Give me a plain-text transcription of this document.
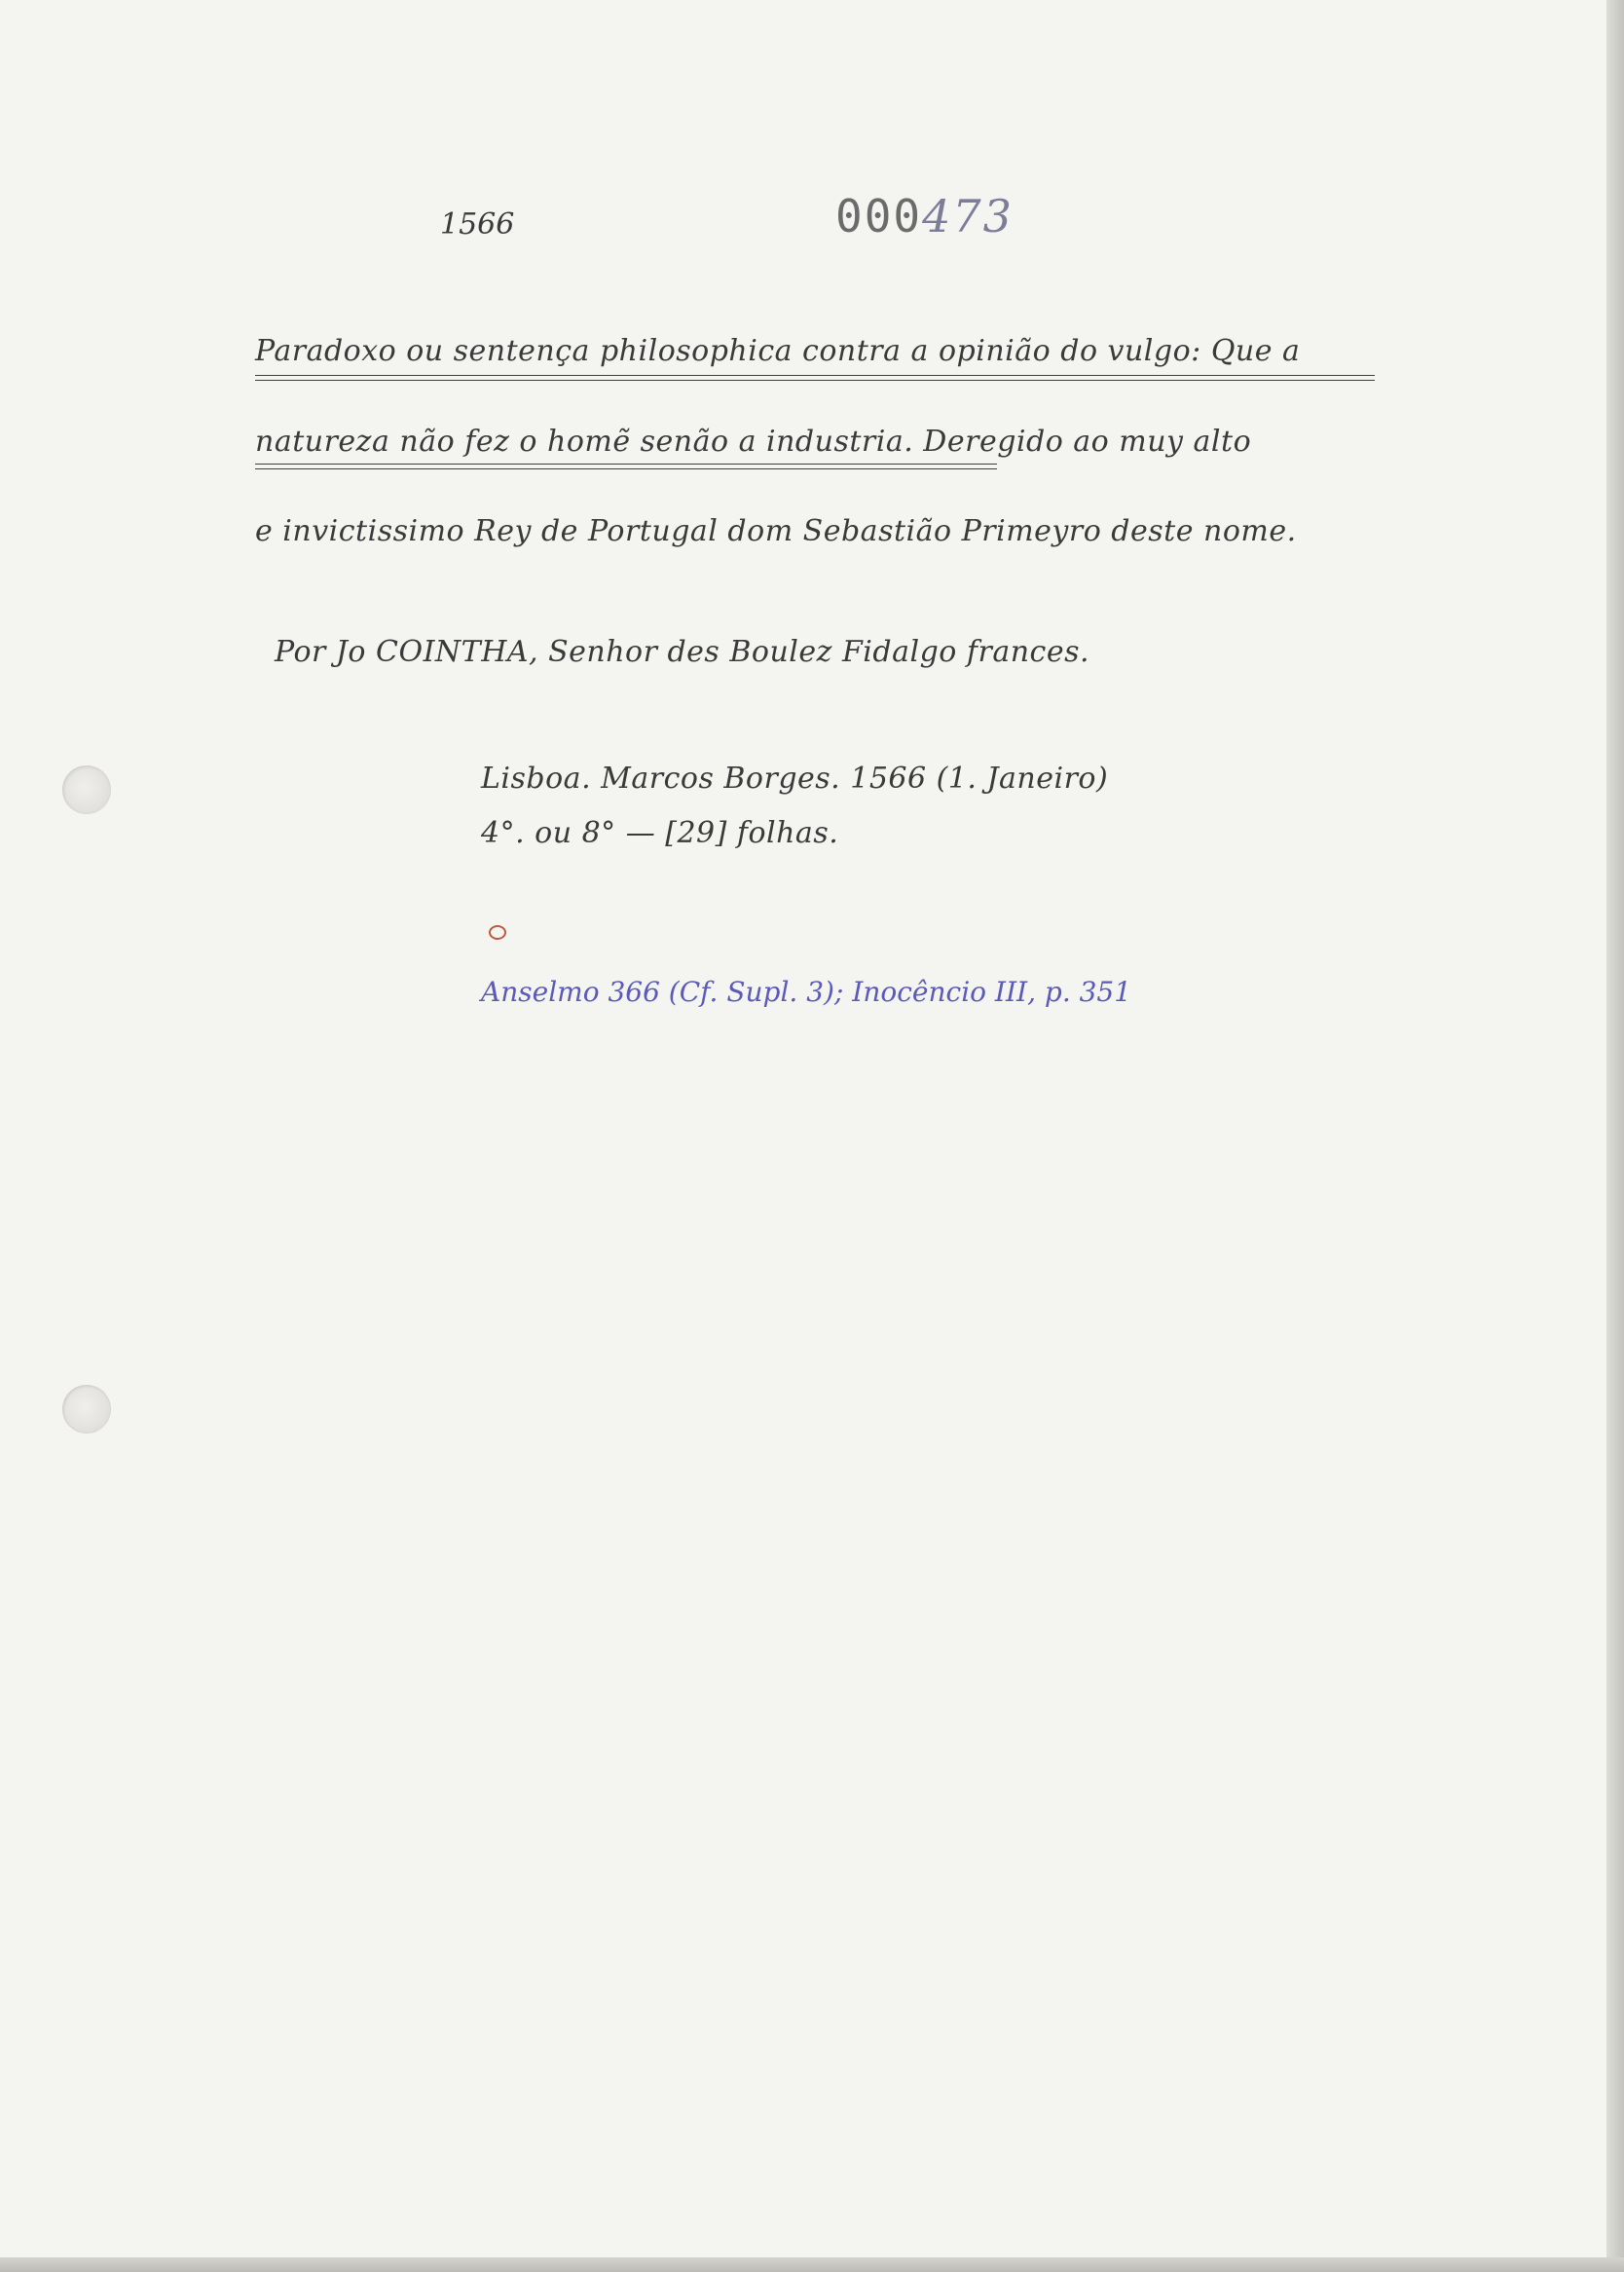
1566	000473
Paradoxo ou sentença philosophica contra a opinião do vulgo: Que a
natureza não fez o homẽ senão a industria. Deregido ao muy alto
e invictissimo Rey de Portugal dom Sebastião Primeyro deste nome.
Por Jo COINTHA, Senhor des Boulez Fidalgo frances.
Lisboa. Marcos Borges. 1566 (1. Janeiro)
4°. ou 8° — [29] folhas.
Anselmo 366 (Cf. Supl. 3); Inocêncio III, p. 351
